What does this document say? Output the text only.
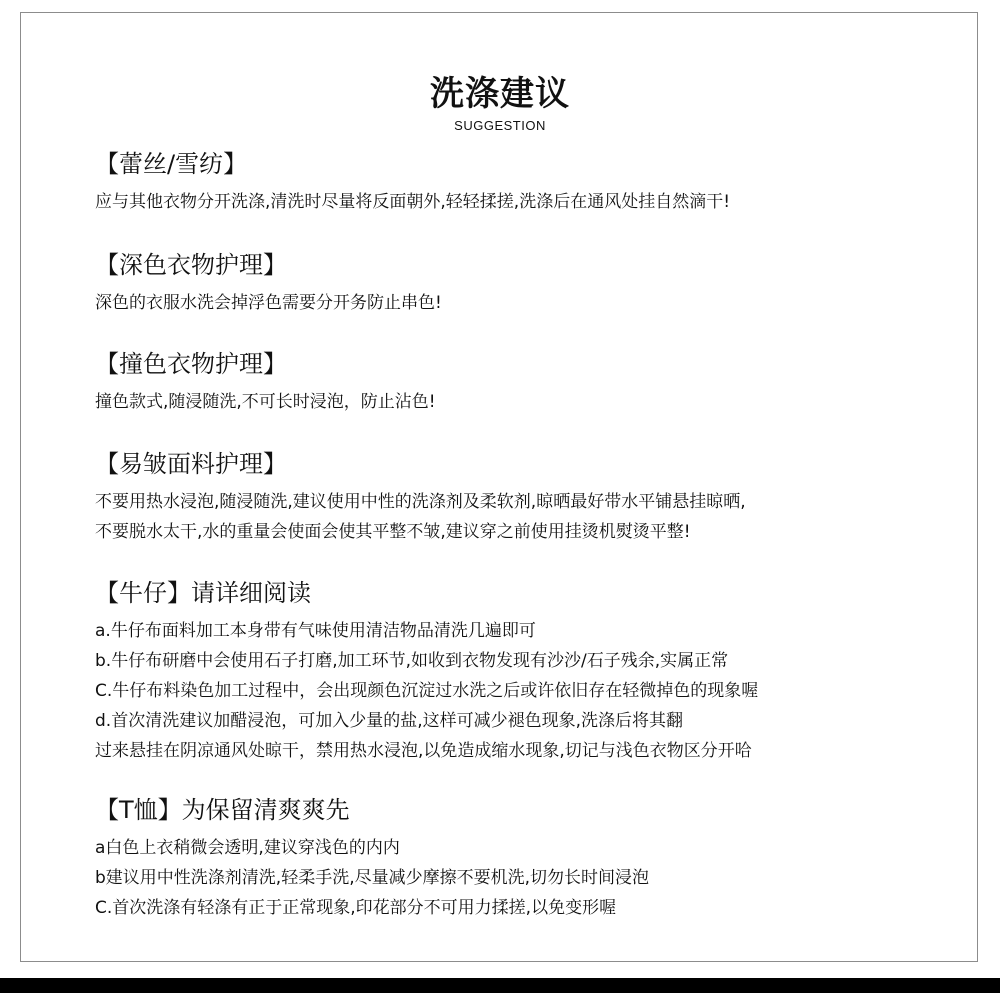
洗涤建议
SUGGESTION
【蕾丝/雪纺】
应与其他衣物分开洗涤,清洗时尽量将反面朝外,轻轻揉搓,洗涤后在通风处挂自然滴干!
【深色衣物护理】
深色的衣服水洗会掉浮色需要分开务防止串色!
【撞色衣物护理】
撞色款式,随浸随洗,不可长时浸泡，防止沾色!
【易皱面料护理】
不要用热水浸泡,随浸随洗,建议使用中性的洗涤剂及柔软剂,晾晒最好带水平铺悬挂晾晒,
不要脱水太干,水的重量会使面会使其平整不皱,建议穿之前使用挂烫机熨烫平整!
【牛仔】请详细阅读
a.牛仔布面料加工本身带有气味使用清洁物品清洗几遍即可
b.牛仔布研磨中会使用石子打磨,加工环节,如收到衣物发现有沙沙/石子残余,实属正常
C.牛仔布料染色加工过程中，会出现颜色沉淀过水洗之后或许依旧存在轻微掉色的现象喔
d.首次清洗建议加醋浸泡，可加入少量的盐,这样可减少褪色现象,洗涤后将其翻
过来悬挂在阴凉通风处晾干，禁用热水浸泡,以免造成缩水现象,切记与浅色衣物区分开哈
【T恤】为保留清爽爽先
a白色上衣稍微会透明,建议穿浅色的内内
b建议用中性洗涤剂清洗,轻柔手洗,尽量减少摩擦不要机洗,切勿长时间浸泡
C.首次洗涤有轻涤有正于正常现象,印花部分不可用力揉搓,以免变形喔
